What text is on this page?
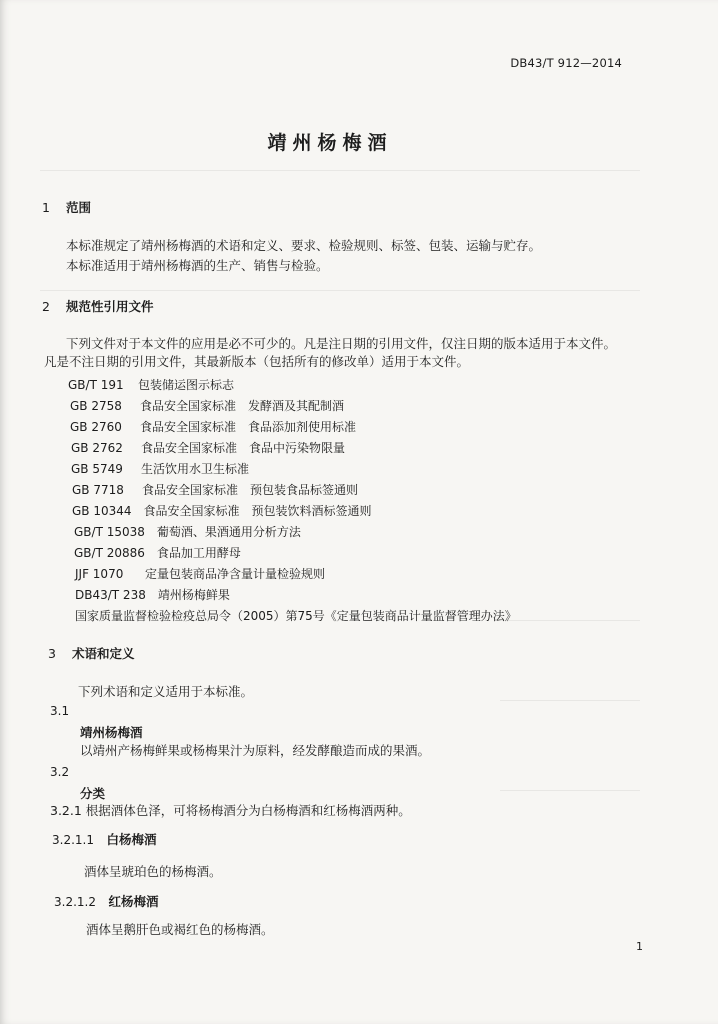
DB43/T 912—2014
靖州杨梅酒
1 范围
本标准规定了靖州杨梅酒的术语和定义、要求、检验规则、标签、包装、运输与贮存。
本标准适用于靖州杨梅酒的生产、销售与检验。
2 规范性引用文件
下列文件对于本文件的应用是必不可少的。凡是注日期的引用文件，仅注日期的版本适用于本文件。
凡是不注日期的引用文件，其最新版本（包括所有的修改单）适用于本文件。
GB/T 191　 包装储运图示标志
GB 2758　 食品安全国家标准　发酵酒及其配制酒
GB 2760　 食品安全国家标准　食品添加剂使用标准
GB 2762　 食品安全国家标准　食品中污染物限量
GB 5749　 生活饮用水卫生标准
GB 7718　 食品安全国家标准　预包装食品标签通则
GB 10344　 食品安全国家标准　预包装饮料酒标签通则
GB/T 15038　 葡萄酒、果酒通用分析方法
GB/T 20886　 食品加工用酵母
JJF 1070　 定量包装商品净含量计量检验规则
DB43/T 238　 靖州杨梅鲜果
国家质量监督检验检疫总局令（2005）第75号《定量包装商品计量监督管理办法》
3 术语和定义
下列术语和定义适用于本标准。
3.1
靖州杨梅酒
以靖州产杨梅鲜果或杨梅果汁为原料，经发酵酿造而成的果酒。
3.2
分类
3.2.1 根据酒体色泽，可将杨梅酒分为白杨梅酒和红杨梅酒两种。
3.2.1.1　 白杨梅酒
酒体呈琥珀色的杨梅酒。
3.2.1.2　 红杨梅酒
酒体呈鹅肝色或褐红色的杨梅酒。
1
